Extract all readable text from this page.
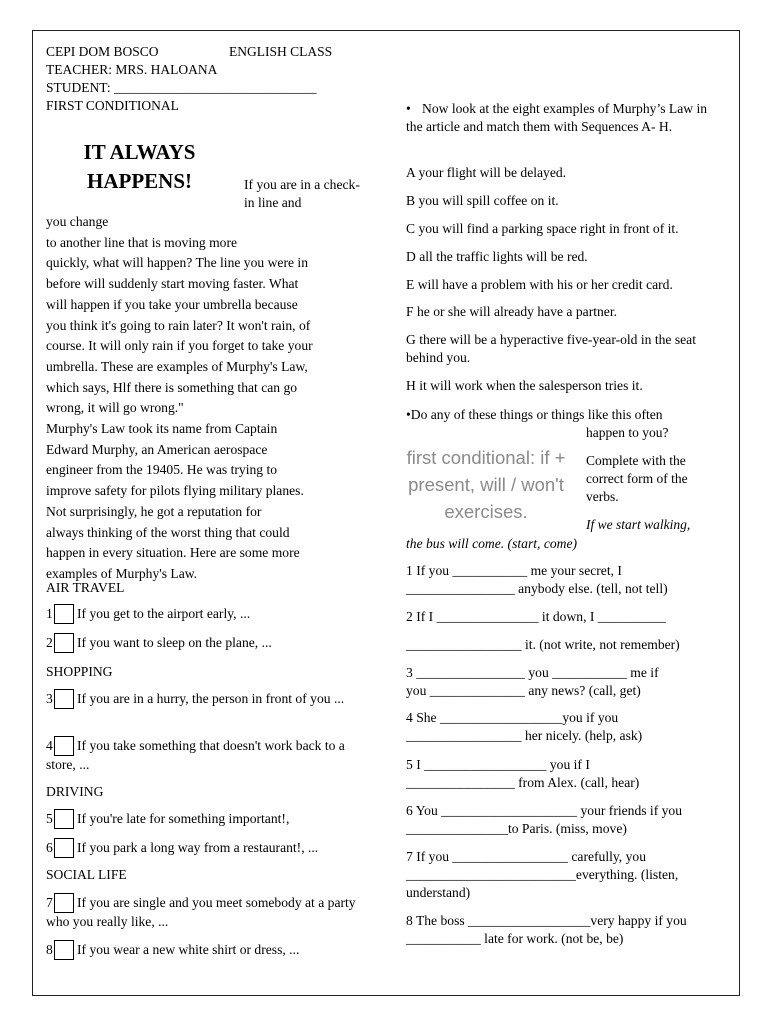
CEPI DOM BOSCO	ENGLISH CLASS
TEACHER: MRS. HALOANA
STUDENT: ______________________________
FIRST CONDITIONAL
IT ALWAYS HAPPENS!	If you are in a check-in line and
you change
to another line that is moving more
quickly, what will happen? The line you were in
before will suddenly start moving faster. What
will happen if you take your umbrella because
you think it's going to rain later? It won't rain, of
course. It will only rain if you forget to take your
umbrella. These are examples of Murphy's Law,
which says, Hlf there is something that can go
wrong, it will go wrong."
Murphy's Law took its name from Captain
Edward Murphy, an American aerospace
engineer from the 19405. He was trying to
improve safety for pilots flying military planes.
Not surprisingly, he got a reputation for
always thinking of the worst thing that could
happen in every situation. Here are some more
examples of Murphy's Law.
AIR TRAVEL
1 If you get to the airport early, ...
2 If you want to sleep on the plane, ...
SHOPPING
3 If you are in a hurry, the person in front of you ...
4 If you take something that doesn't work back to a store, ...
DRIVING
5 If you're late for something important!,
6 If you park a long way from a restaurant!, ...
SOCIAL LIFE
7 If you are single and you meet somebody at a party who you really like, ...
8 If you wear a new white shirt or dress, ...
• Now look at the eight examples of Murphy’s Law in the article and match them with Sequences A- H.
A your flight will be delayed.
B you will spill coffee on it.
C you will find a parking space right in front of it.
D all the traffic lights will be red.
E will have a problem with his or her credit card.
F he or she will already have a partner.
G there will be a hyperactive five-year-old in the seat behind you.
H it will work when the salesperson tries it.
•Do any of these things or things like this often
happen to you?
first conditional: if + present, will / won't exercises.
Complete with the correct form of the verbs.
If we start walking,
the bus will come. (start, come)
1 If you ___________ me your secret, I
________________ anybody else. (tell, not tell)
2 If I _______________ it down, I __________
_________________ it. (not write, not remember)
3 ________________ you ___________ me if
you ______________ any news? (call, get)
4 She __________________you if you
_________________ her nicely. (help, ask)
5 I __________________ you if I
________________ from Alex. (call, hear)
6 You ____________________ your friends if you
_______________to Paris. (miss, move)
7 If you _________________ carefully, you
_________________________everything. (listen,
understand)
8 The boss __________________very happy if you
___________ late for work. (not be, be)
